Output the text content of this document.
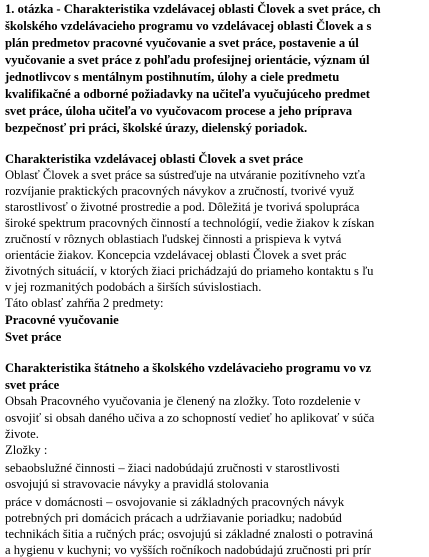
1. otázka - Charakteristika vzdelávacej oblasti Človek a svet práce, ch
školského vzdelávacieho programu vo vzdelávacej oblasti Človek a s
plán predmetov pracovné vyučovanie a svet práce, postavenie a úl
vyučovanie a svet práce z pohľadu profesijnej orientácie, význam úl
jednotlivcov s mentálnym postihnutím, úlohy a ciele predmetu
kvalifikačné a odborné požiadavky na učiteľa vyučujúceho predmet
svet práce, úloha učiteľa vo vyučovacom procese a jeho príprava
bezpečnosť pri práci, školské úrazy, dielenský poriadok.
Charakteristika vzdelávacej oblasti Človek a svet práce
Oblasť Človek a svet práce sa sústreďuje na utváranie pozitívneho vzťa
rozvíjanie praktických pracovných návykov a zručností, tvorivé využ
starostlivosť o životné prostredie a pod. Dôležitá je tvorivá spolupráca
široké spektrum pracovných činností a technológií, vedie žiakov k získan
zručností v rôznych oblastiach ľudskej činnosti a prispieva k vytvá
orientácie žiakov. Koncepcia vzdelávacej oblasti Človek a svet prác
životných situácií, v ktorých žiaci prichádzajú do priameho kontaktu s ľu
v jej rozmanitých podobách a širších súvislostiach.
Táto oblasť zahŕňa 2 predmety:
Pracovné vyučovanie
Svet práce
Charakteristika štátneho a školského vzdelávacieho programu vo vz
svet práce
Obsah Pracovného vyučovania je členený na zložky. Toto rozdelenie v
osvojiť si obsah daného učiva a zo schopností vedieť ho aplikovať v súča
živote.
Zložky :
sebaobslužné činnosti – žiaci nadobúdajú zručnosti v starostlivosti
osvojujú si stravovacie návyky a pravidlá stolovania
práce v domácnosti – osvojovanie si základných pracovných návyk
potrebných pri domácich prácach a udržiavanie poriadku; nadobúd
technikách šitia a ručných prác; osvojujú si základné znalosti o potraviná
a hygienu v kuchyni; vo vyšších ročníkoch nadobúdajú zručnosti pri prír
